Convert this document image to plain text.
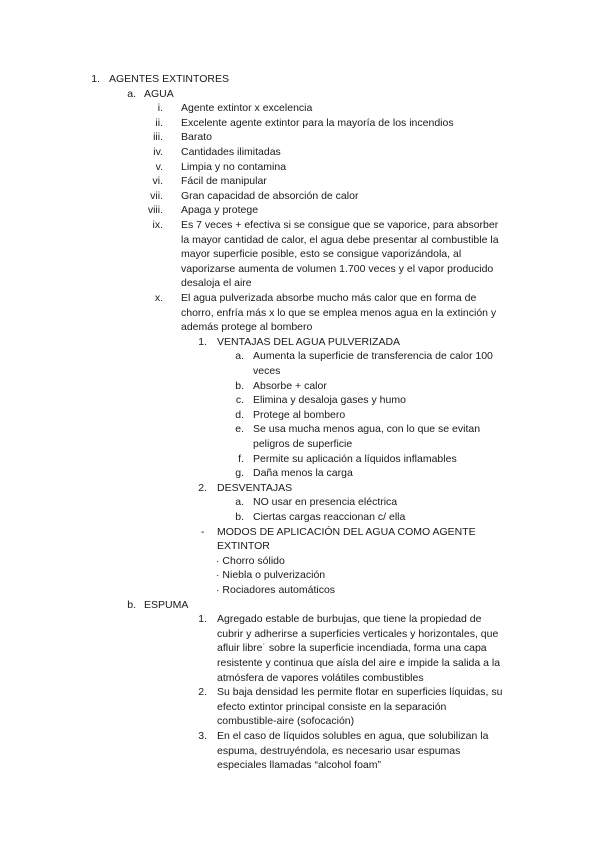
1. AGENTES EXTINTORES
a. AGUA
i. Agente extintor x excelencia
ii. Excelente agente extintor para la mayoría de los incendios
iii. Barato
iv. Cantidades ilimitadas
v. Limpia y no contamina
vi. Fácil de manipular
vii. Gran capacidad de absorción de calor
viii. Apaga y protege
ix. Es 7 veces + efectiva si se consigue que se vaporice, para absorber
la mayor cantidad de calor, el agua debe presentar al combustible la
mayor superficie posible, esto se consigue vaporizándola, al
vaporizarse aumenta de volumen 1.700 veces y el vapor producido
desaloja el aire
x. El agua pulverizada absorbe mucho más calor que en forma de
chorro, enfría más x lo que se emplea menos agua en la extinción y
además protege al bombero
1. VENTAJAS DEL AGUA PULVERIZADA
a. Aumenta la superficie de transferencia de calor 100
veces
b. Absorbe + calor
c. Elimina y desaloja gases y humo
d. Protege al bombero
e. Se usa mucha menos agua, con lo que se evitan
peligros de superficie
f. Permite su aplicación a líquidos inflamables
g. Daña menos la carga
2. DESVENTAJAS
a. NO usar en presencia eléctrica
b. Ciertas cargas reaccionan c/ ella
- MODOS DE APLICACIÓN DEL AGUA COMO AGENTE
EXTINTOR
· Chorro sólido
· Niebla o pulverización
· Rociadores automáticos
b. ESPUMA
1. Agregado estable de burbujas, que tiene la propiedad de
cubrir y adherirse a superficies verticales y horizontales, que
afluir libre˙ sobre la superficie incendiada, forma una capa
resistente y continua que aísla del aire e impide la salida a la
atmósfera de vapores volátiles combustibles
2. Su baja densidad les permite flotar en superficies líquidas, su
efecto extintor principal consiste en la separación
combustible-aire (sofocación)
3. En el caso de líquidos solubles en agua, que solubilizan la
espuma, destruyéndola, es necesario usar espumas
especiales llamadas “alcohol foam”
